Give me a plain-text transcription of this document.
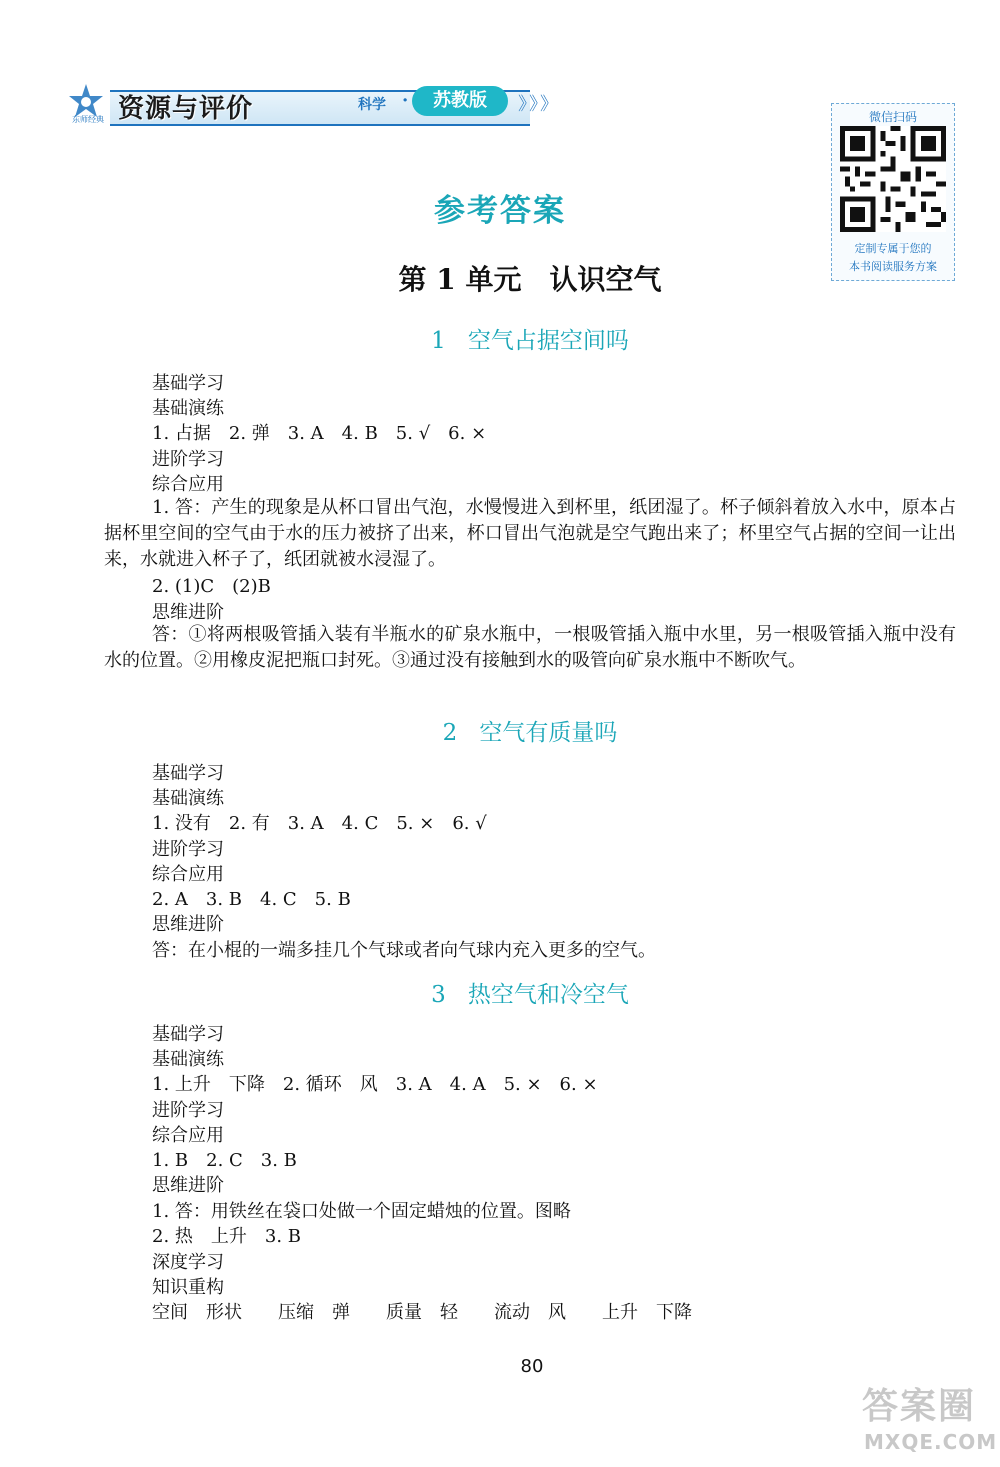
东师经典 资源与评价	科学 ·	苏教版	》》》
微信扫码
定制专属于您的
本书阅读服务方案
参考答案
第 1 单元　认识空气
1 空气占据空间吗
基础学习
基础演练
1. 占据　2. 弹　3. A　4. B　5. √　6. ×
进阶学习
综合应用
1. 答：产生的现象是从杯口冒出气泡，水慢慢进入到杯里，纸团湿了。杯子倾斜着放入水中，原本占据杯里空间的空气由于水的压力被挤了出来，杯口冒出气泡就是空气跑出来了；杯里空气占据的空间一让出来，水就进入杯子了，纸团就被水浸湿了。
2. (1)C　(2)B
思维进阶
答：①将两根吸管插入装有半瓶水的矿泉水瓶中，一根吸管插入瓶中水里，另一根吸管插入瓶中没有水的位置。②用橡皮泥把瓶口封死。③通过没有接触到水的吸管向矿泉水瓶中不断吹气。
2 空气有质量吗
基础学习
基础演练
1. 没有　2. 有　3. A　4. C　5. ×　6. √
进阶学习
综合应用
2. A　3. B　4. C　5. B
思维进阶
答：在小棍的一端多挂几个气球或者向气球内充入更多的空气。
3 热空气和冷空气
基础学习
基础演练
1. 上升　下降　2. 循环　风　3. A　4. A　5. ×　6. ×
进阶学习
综合应用
1. B　2. C　3. B
思维进阶
1. 答：用铁丝在袋口处做一个固定蜡烛的位置。图略
2. 热　上升　3. B
深度学习
知识重构
空间　形状　　压缩　弹　　质量　轻　　流动　风　　上升　下降
80
答案圈
MXQE.COM
